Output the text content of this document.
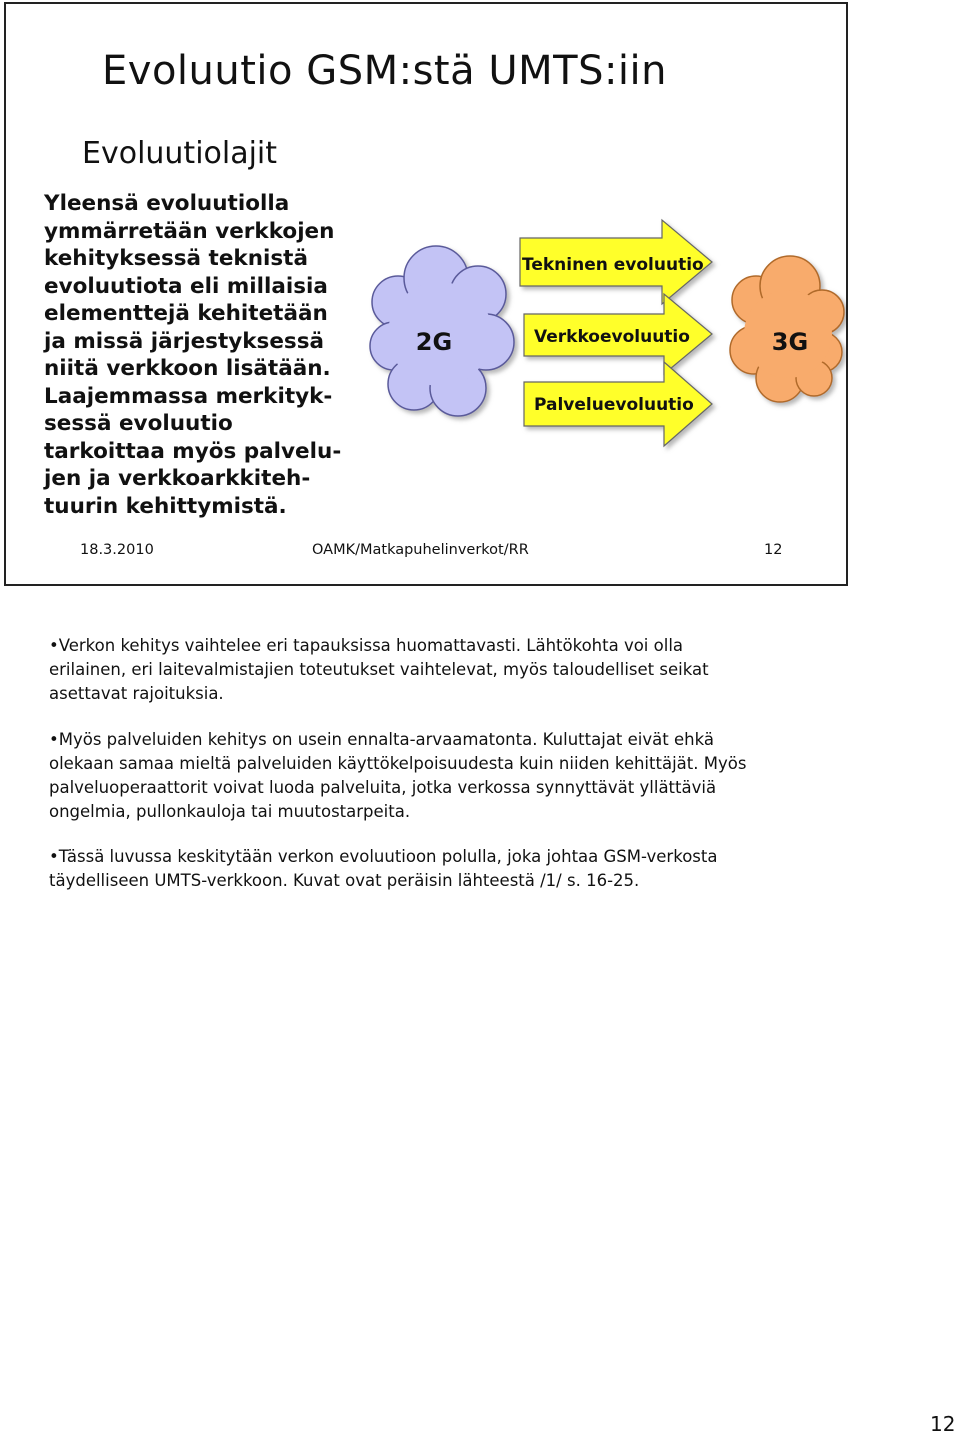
Evoluutio GSM:stä UMTS:iin
Evoluutiolajit
Yleensä evoluutiolla
ymmärretään verkkojen
kehityksessä teknistä
evoluutiota eli millaisia
elementtejä kehitetään
ja missä järjestyksessä
niitä verkkoon lisätään.
Laajemmassa merkityk-
sessä evoluutio
tarkoittaa myös palvelu-
jen ja verkkoarkkiteh-
tuurin kehittymistä.
2G
Tekninen evoluutio
Verkkoevoluutio
Palveluevoluutio
3G
18.3.2010	OAMK/Matkapuhelinverkot/RR	12

•Verkon kehitys vaihtelee eri tapauksissa huomattavasti. Lähtökohta voi olla
erilainen, eri laitevalmistajien toteutukset vaihtelevat, myös taloudelliset seikat
asettavat rajoituksia.

•Myös palveluiden kehitys on usein ennalta-arvaamatonta. Kuluttajat eivät ehkä
olekaan samaa mieltä palveluiden käyttökelpoisuudesta kuin niiden kehittäjät. Myös
palveluoperaattorit voivat luoda palveluita, jotka verkossa synnyttävät yllättäviä
ongelmia, pullonkauloja tai muutostarpeita.

•Tässä luvussa keskitytään verkon evoluutioon polulla, joka johtaa GSM-verkosta
täydelliseen UMTS-verkkoon. Kuvat ovat peräisin lähteestä /1/ s. 16-25.

12
